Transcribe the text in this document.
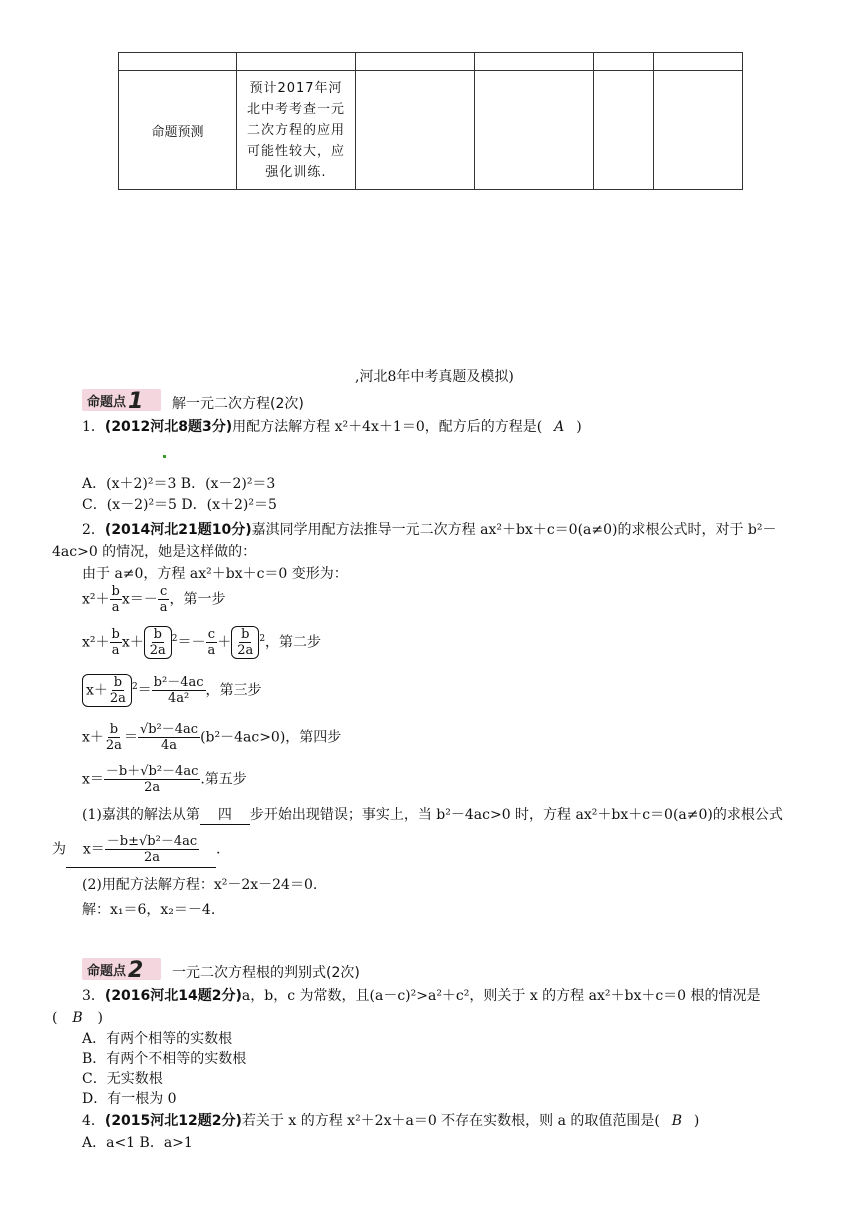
命题预测	预计2017年河北中考考查一元二次方程的应用可能性较大，应强化训练.				
,河北8年中考真题及模拟)
命题点1	解一元二次方程(2次)
1．(2012河北8题3分)用配方法解方程 x²＋4x＋1＝0，配方后的方程是( A )
A．(x＋2)²＝3 B．(x－2)²＝3
C．(x－2)²＝5 D．(x＋2)²＝5
2．(2014河北21题10分)嘉淇同学用配方法推导一元二次方程 ax²＋bx＋c＝0(a≠0)的求根公式时，对于 b²－
4ac>0 的情况，她是这样做的：
由于 a≠0，方程 ax²＋bx＋c＝0 变形为：
$x^2+ \frac{b}{a} x=- \frac{c}{a}$ ，第一步
$x^2+ \frac{b}{a} x+ \frac{b}{2a} ^2=- \frac{c}{a} + \frac{b}{2a} ^2$，第二步
$x+ \frac{b}{2a} ^2= \frac{\text{b²－4ac}}{\text{4a²}}$ ，第三步
$x+ \frac{b}{2a} = \frac{\text{√b²－4ac}}{4a} (b^2-4ac>0)$，第四步
$x= \frac{\text{－b＋√b²－4ac}}{2a}$ .第五步
(1)嘉淇的解法从第 四 步开始出现错误；事实上，当 b²－4ac>0 时，方程 ax²＋bx＋c＝0(a≠0)的求根公式
为 $x= \frac{\text{－b±√b²－4ac}}{2a}$ .
(2)用配方法解方程：x²－2x－24＝0.
解：x₁＝6，x₂＝－4.
命题点2	一元二次方程根的判别式(2次)
3．(2016河北14题2分)a，b，c 为常数，且(a－c)²>a²＋c²，则关于 x 的方程 ax²＋bx＋c＝0 根的情况是
( B )
A．有两个相等的实数根
B．有两个不相等的实数根
C．无实数根
D．有一根为 0
4．(2015河北12题2分)若关于 x 的方程 x²＋2x＋a＝0 不存在实数根，则 a 的取值范围是( B )
A．a<1 B．a>1
